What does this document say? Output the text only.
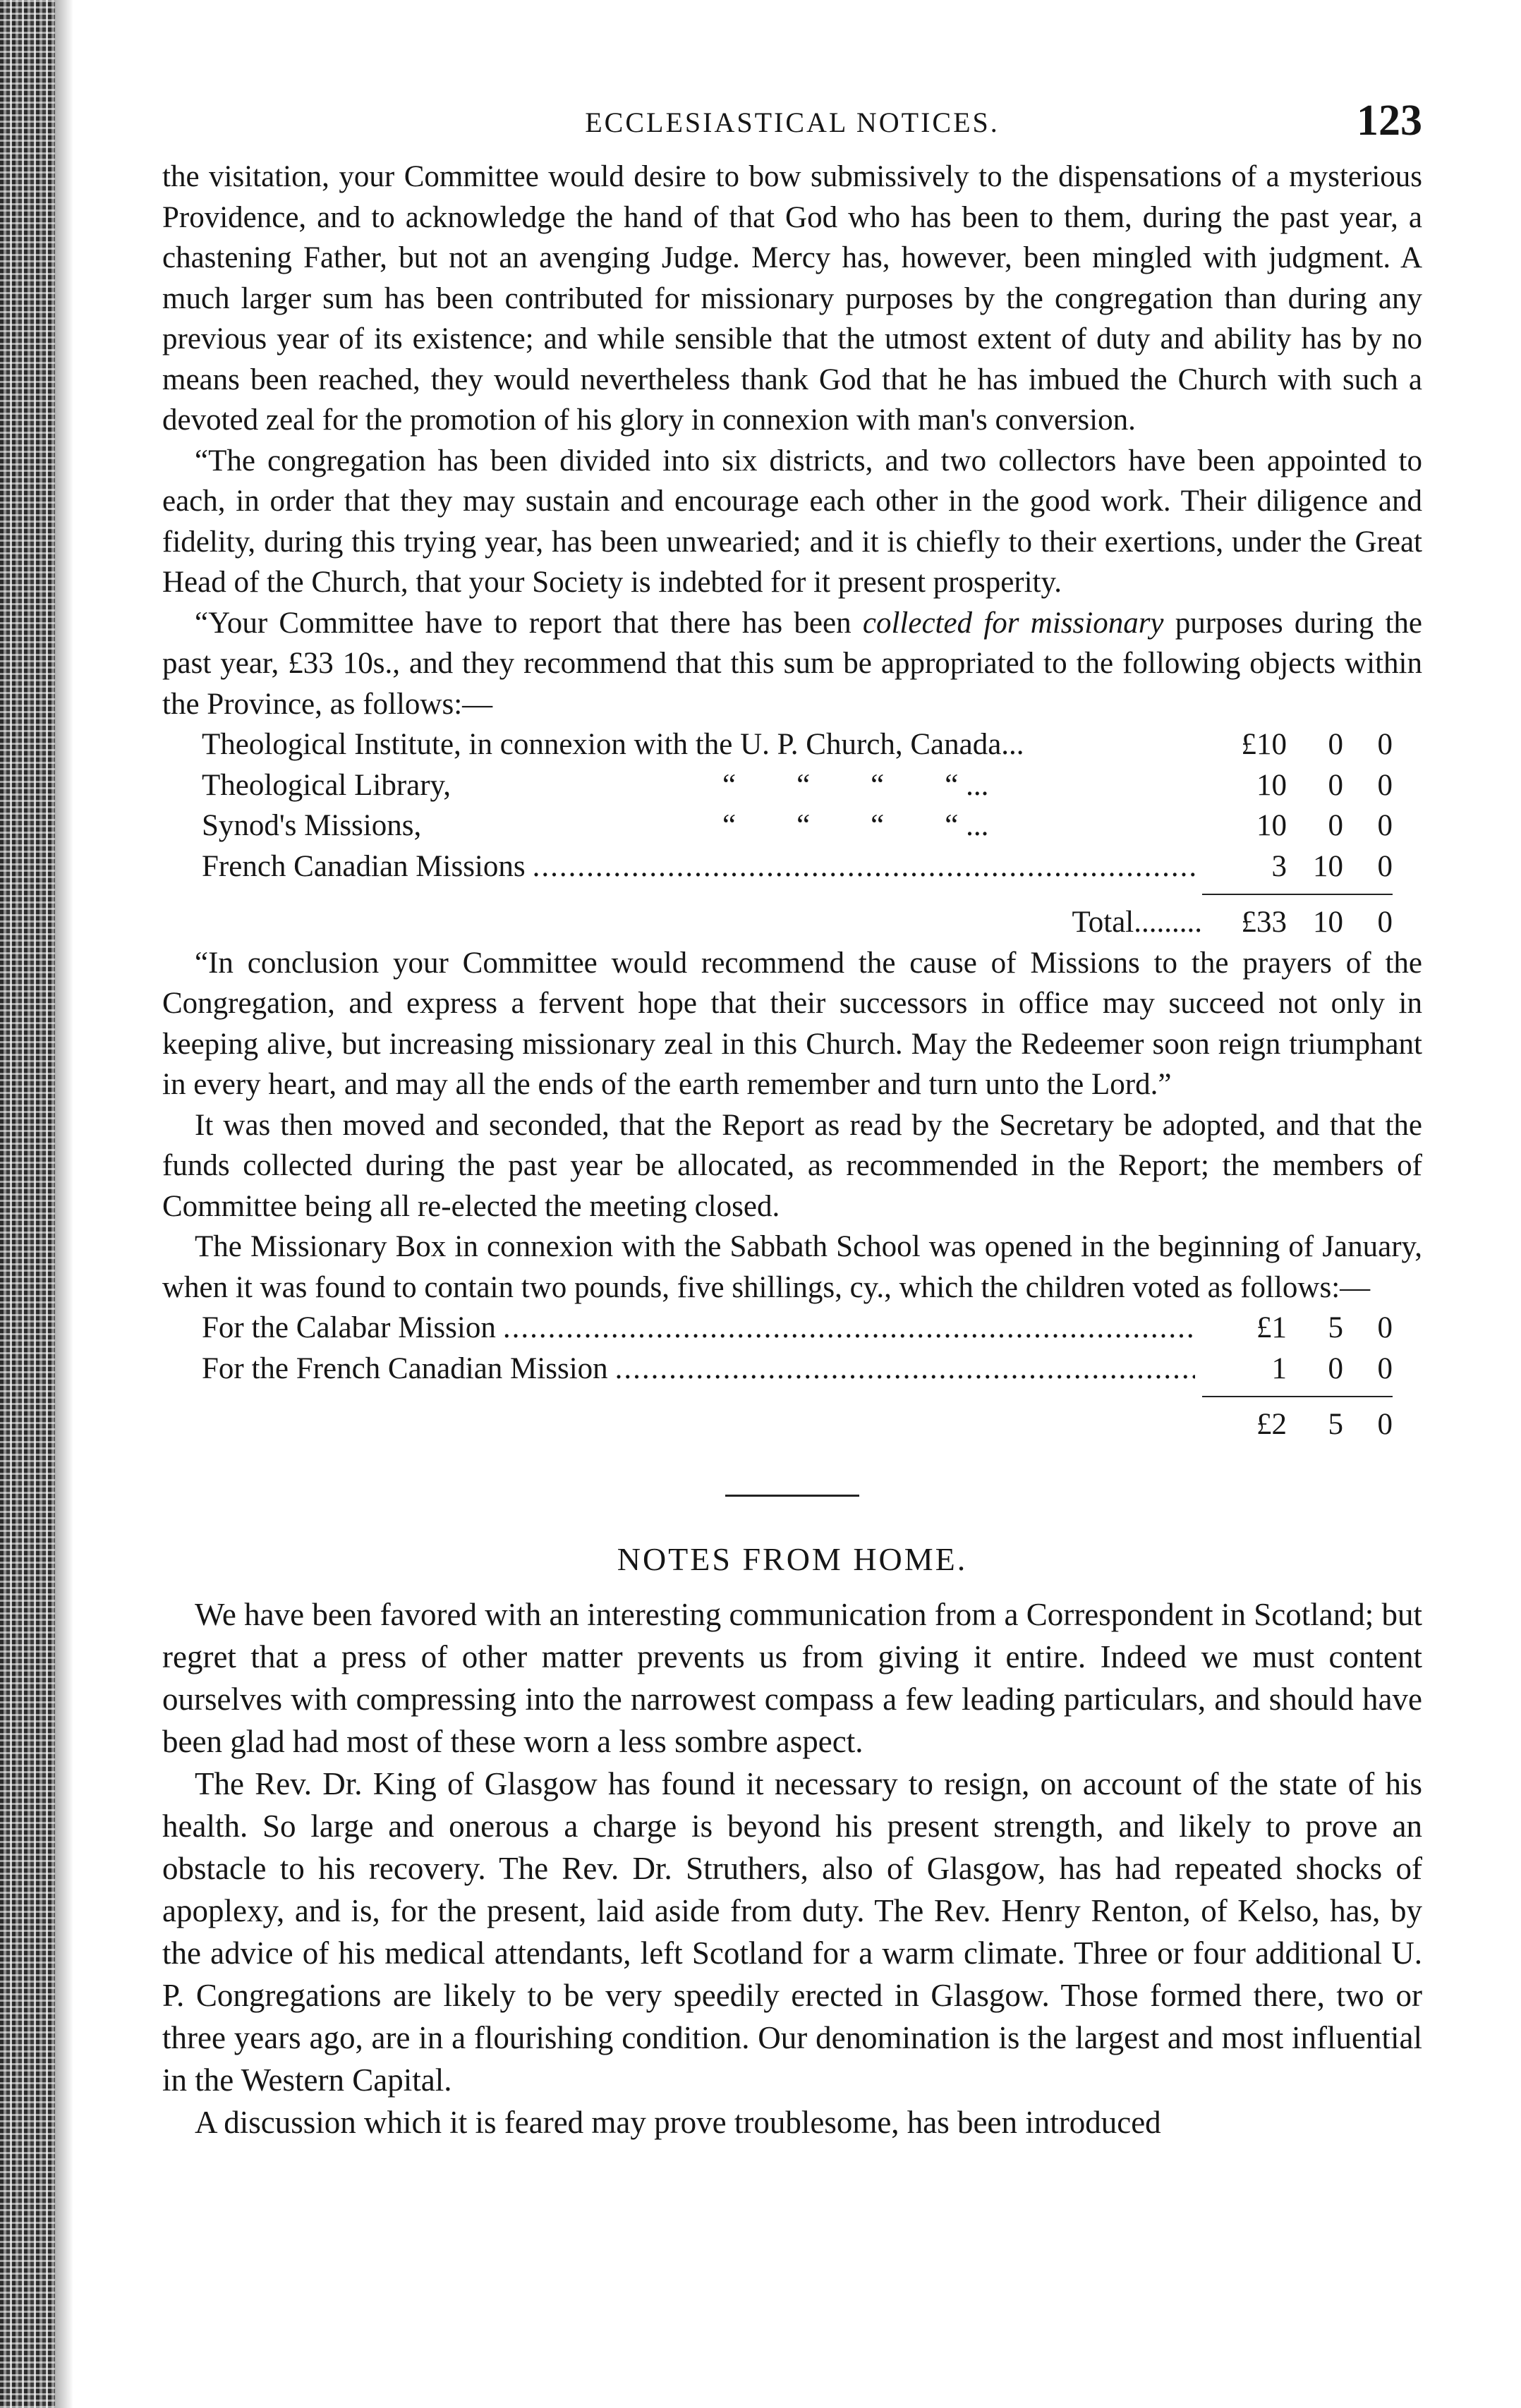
ECCLESIASTICAL NOTICES.	123

the visitation, your Committee would desire to bow submissively to the dispensations of a mysterious Providence, and to acknowledge the hand of that God who has been to them, during the past year, a chastening Father, but not an avenging Judge. Mercy has, however, been mingled with judgment. A much larger sum has been contributed for missionary purposes by the congregation than during any previous year of its existence; and while sensible that the utmost extent of duty and ability has by no means been reached, they would nevertheless thank God that he has imbued the Church with such a devoted zeal for the promotion of his glory in connexion with man's conversion.

“The congregation has been divided into six districts, and two collectors have been appointed to each, in order that they may sustain and encourage each other in the good work. Their diligence and fidelity, during this trying year, has been unwearied; and it is chiefly to their exertions, under the Great Head of the Church, that your Society is indebted for it present prosperity.

“Your Committee have to report that there has been collected for missionary purposes during the past year, £33 10s., and they recommend that this sum be appropriated to the following objects within the Province, as follows:—

Theological Institute, in connexion with the U. P. Church, Canada...	£10	0	0
Theological Library,	“        “        “        “ ...	10	0	0
Synod's Missions,	“        “        “        “ ...	10	0	0
French Canadian Missions .....	3 10	0
Total.........	£33 10	0

“In conclusion your Committee would recommend the cause of Missions to the prayers of the Congregation, and express a fervent hope that their successors in office may succeed not only in keeping alive, but increasing missionary zeal in this Church. May the Redeemer soon reign triumphant in every heart, and may all the ends of the earth remember and turn unto the Lord.”

It was then moved and seconded, that the Report as read by the Secretary be adopted, and that the funds collected during the past year be allocated, as recommended in the Report; the members of Committee being all re-elected the meeting closed.

The Missionary Box in connexion with the Sabbath School was opened in the beginning of January, when it was found to contain two pounds, five shillings, cy., which the children voted as follows:—

For the Calabar Mission .....	£1	5	0
For the French Canadian Mission .....	1	0	0
£2	5	0
NOTES FROM HOME.

We have been favored with an interesting communication from a Correspondent in Scotland; but regret that a press of other matter prevents us from giving it entire. Indeed we must content ourselves with compressing into the narrowest compass a few leading particulars, and should have been glad had most of these worn a less sombre aspect.

The Rev. Dr. King of Glasgow has found it necessary to resign, on account of the state of his health. So large and onerous a charge is beyond his present strength, and likely to prove an obstacle to his recovery. The Rev. Dr. Struthers, also of Glasgow, has had repeated shocks of apoplexy, and is, for the present, laid aside from duty. The Rev. Henry Renton, of Kelso, has, by the advice of his medical attendants, left Scotland for a warm climate. Three or four additional U. P. Congregations are likely to be very speedily erected in Glasgow. Those formed there, two or three years ago, are in a flourishing condition. Our denomination is the largest and most influential in the Western Capital.

A discussion which it is feared may prove troublesome, has been introduced
